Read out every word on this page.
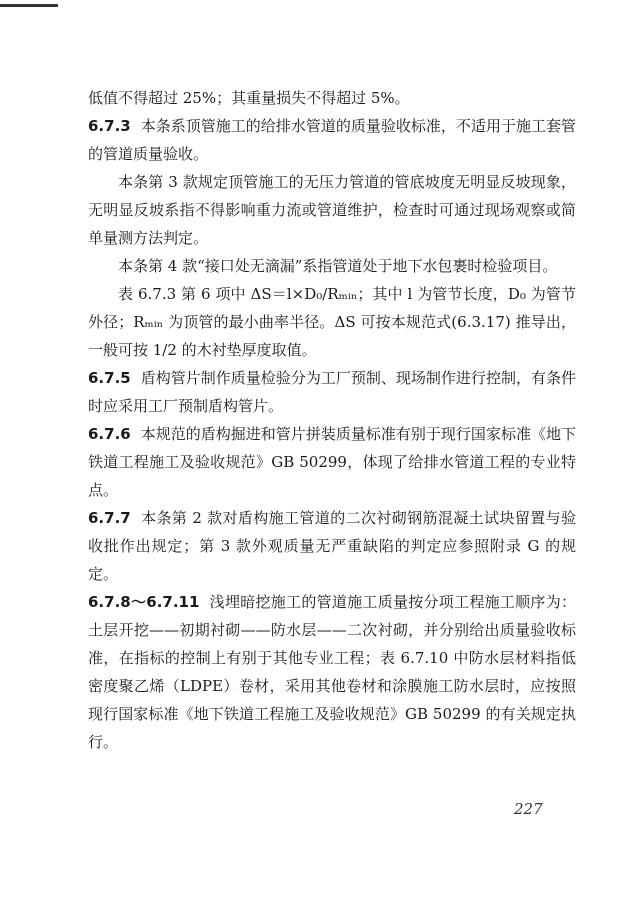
低值不得超过 25%；其重量损失不得超过 5%。

6.7.3 本条系顶管施工的给排水管道的质量验收标准，不适用于施工套管的管道质量验收。

本条第 3 款规定顶管施工的无压力管道的管底坡度无明显反坡现象，无明显反坡系指不得影响重力流或管道维护，检查时可通过现场观察或简单量测方法判定。

本条第 4 款“接口处无滴漏”系指管道处于地下水包裹时检验项目。

表 6.7.3 第 6 项中 ΔS＝l×D₀/Rₘᵢₙ；其中 l 为管节长度，D₀ 为管节外径；Rₘᵢₙ 为顶管的最小曲率半径。ΔS 可按本规范式(6.3.17) 推导出，一般可按 1/2 的木衬垫厚度取值。

6.7.5 盾构管片制作质量检验分为工厂预制、现场制作进行控制，有条件时应采用工厂预制盾构管片。

6.7.6 本规范的盾构掘进和管片拼装质量标准有别于现行国家标准《地下铁道工程施工及验收规范》GB 50299，体现了给排水管道工程的专业特点。

6.7.7 本条第 2 款对盾构施工管道的二次衬砌钢筋混凝土试块留置与验收批作出规定；第 3 款外观质量无严重缺陷的判定应参照附录 G 的规定。

6.7.8～6.7.11 浅埋暗挖施工的管道施工质量按分项工程施工顺序为：土层开挖——初期衬砌——防水层——二次衬砌，并分别给出质量验收标准，在指标的控制上有别于其他专业工程；表 6.7.10 中防水层材料指低密度聚乙烯（LDPE）卷材，采用其他卷材和涂膜施工防水层时，应按照现行国家标准《地下铁道工程施工及验收规范》GB 50299 的有关规定执行。

227
